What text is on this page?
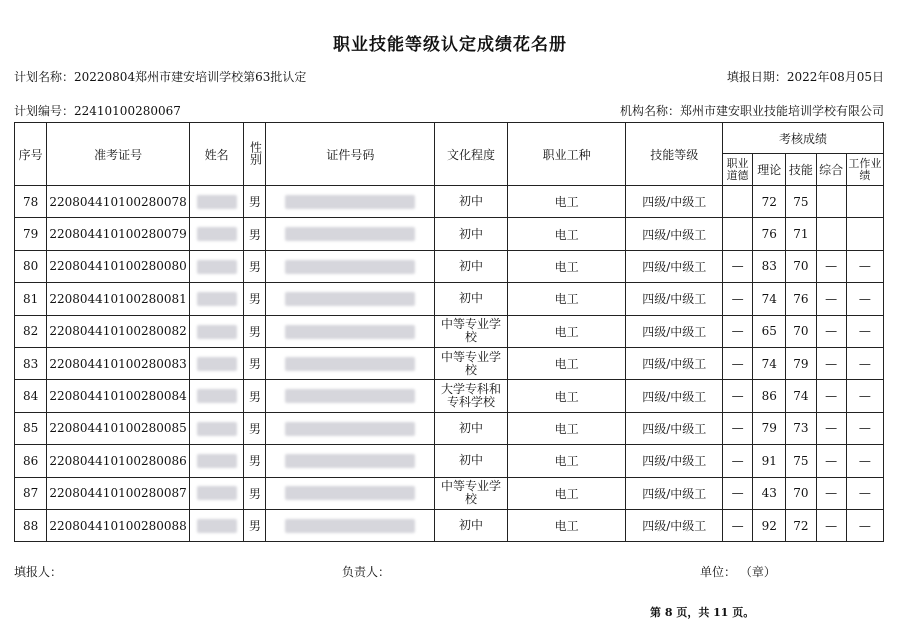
职业技能等级认定成绩花名册
计划名称：20220804郑州市建安培训学校第63批认定	填报日期：2022年08月05日
计划编号：22410100280067	机构名称：郑州市建安职业技能培训学校有限公司
序号	准考证号	姓名	性别	证件号码	文化程度	职业工种	技能等级	考核成绩				
								职业道德	理论	技能	综合	工作业绩
78	220804410100280078		男		初中	电工	四级/中级工		72	75		
79	220804410100280079		男		初中	电工	四级/中级工		76	71		
80	220804410100280080		男		初中	电工	四级/中级工	—	83	70	—	—
81	220804410100280081		男		初中	电工	四级/中级工	—	74	76	—	—
82	220804410100280082		男		中等专业学校	电工	四级/中级工	—	65	70	—	—
83	220804410100280083		男		中等专业学校	电工	四级/中级工	—	74	79	—	—
84	220804410100280084		男		大学专科和专科学校	电工	四级/中级工	—	86	74	—	—
85	220804410100280085		男		初中	电工	四级/中级工	—	79	73	—	—
86	220804410100280086		男		初中	电工	四级/中级工	—	91	75	—	—
87	220804410100280087		男		中等专业学校	电工	四级/中级工	—	43	70	—	—
88	220804410100280088		男		初中	电工	四级/中级工	—	92	72	—	—
填报人：	负责人：	单位： （章）
第 8 页，共 11 页。
